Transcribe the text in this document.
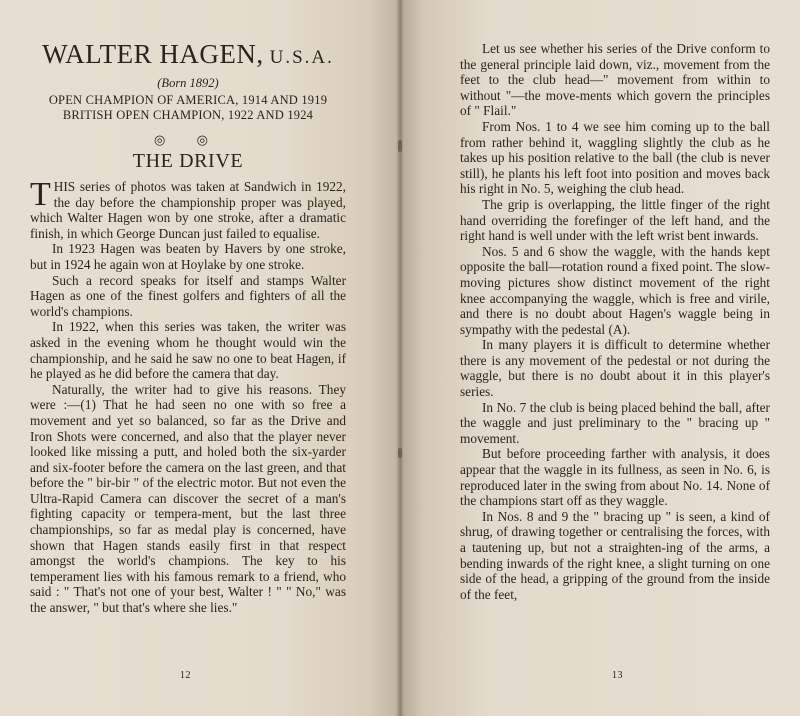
WALTER HAGEN, U.S.A.
(Born 1892)
OPEN CHAMPION OF AMERICA, 1914 AND 1919
BRITISH OPEN CHAMPION, 1922 AND 1924
◎ ◎
THE DRIVE

THIS series of photos was taken at Sandwich in 1922, the day before the championship proper was played, which Walter Hagen won by one stroke, after a dramatic finish, in which George Duncan just failed to equalise.

In 1923 Hagen was beaten by Havers by one stroke, but in 1924 he again won at Hoylake by one stroke.

Such a record speaks for itself and stamps Walter Hagen as one of the finest golfers and fighters of all the world's champions.

In 1922, when this series was taken, the writer was asked in the evening whom he thought would win the championship, and he said he saw no one to beat Hagen, if he played as he did before the camera that day.

Naturally, the writer had to give his reasons. They were :—(1) That he had seen no one with so free a movement and yet so balanced, so far as the Drive and Iron Shots were concerned, and also that the player never looked like missing a putt, and holed both the six-yarder and six-footer before the camera on the last green, and that before the " bir-bir " of the electric motor. But not even the Ultra-Rapid Camera can discover the secret of a man's fighting capacity or tempera-ment, but the last three championships, so far as medal play is concerned, have shown that Hagen stands easily first in that respect amongst the world's champions. The key to his temperament lies with his famous remark to a friend, who said : " That's not one of your best, Walter ! " " No," was the answer, " but that's where she lies."

12

Let us see whether his series of the Drive conform to the general principle laid down, viz., movement from the feet to the club head—" movement from within to without "—the move-ments which govern the principles of " Flail."

From Nos. 1 to 4 we see him coming up to the ball from rather behind it, waggling slightly the club as he takes up his position relative to the ball (the club is never still), he plants his left foot into position and moves back his right in No. 5, weighing the club head.

The grip is overlapping, the little finger of the right hand overriding the forefinger of the left hand, and the right hand is well under with the left wrist bent inwards.

Nos. 5 and 6 show the waggle, with the hands kept opposite the ball—rotation round a fixed point. The slow-moving pictures show distinct movement of the right knee accompanying the waggle, which is free and virile, and there is no doubt about Hagen's waggle being in sympathy with the pedestal (A).

In many players it is difficult to determine whether there is any movement of the pedestal or not during the waggle, but there is no doubt about it in this player's series.

In No. 7 the club is being placed behind the ball, after the waggle and just preliminary to the " bracing up " movement.

But before proceeding farther with analysis, it does appear that the waggle in its fullness, as seen in No. 6, is reproduced later in the swing from about No. 14. None of the champions start off as they waggle.

In Nos. 8 and 9 the " bracing up " is seen, a kind of shrug, of drawing together or centralising the forces, with a tautening up, but not a straighten-ing of the arms, a bending inwards of the right knee, a slight turning on one side of the head, a gripping of the ground from the inside of the feet,

13
